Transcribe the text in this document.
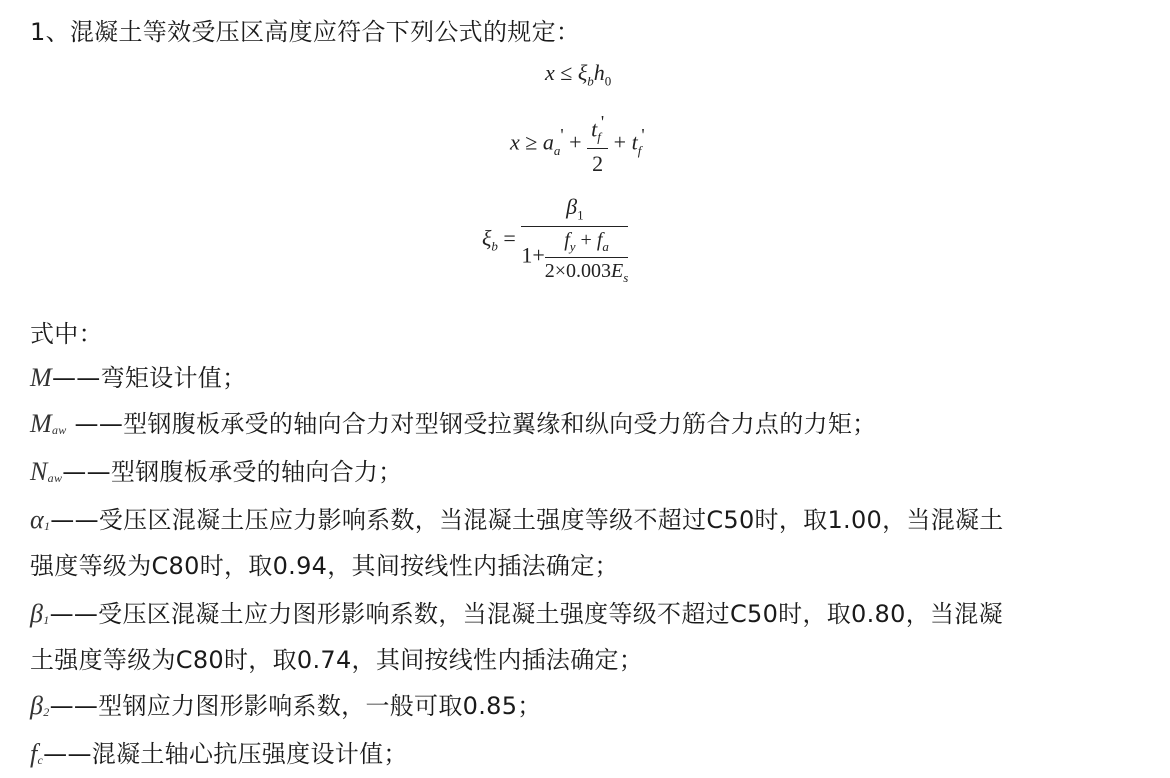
1、混凝土等效受压区高度应符合下列公式的规定：
$x \le \xi_bh_0$
$x \ge a_a' + \frac{t_f'}{2} + t_f'$
$\xi_b = \frac{\beta_1}{1+ \frac{f_y + f_a}{2\times 0.003E_s}}$
式中：
M——弯矩设计值；
$M_{aw}$ ——型钢腹板承受的轴向合力对型钢受拉翼缘和纵向受力筋合力点的力矩；
$N_{aw}——$型钢腹板承受的轴向合力；
$\alpha_1——$受压区混凝土压应力影响系数，当混凝土强度等级不超过C50时，取1.00，当混凝土
强度等级为C80时，取0.94，其间按线性内插法确定；
$\beta_1——$受压区混凝土应力图形影响系数，当混凝土强度等级不超过C50时，取0.80，当混凝
土强度等级为C80时，取0.74，其间按线性内插法确定；
$\beta_2——$型钢应力图形影响系数，一般可取0.85；
$f_c——$混凝土轴心抗压强度设计值；
